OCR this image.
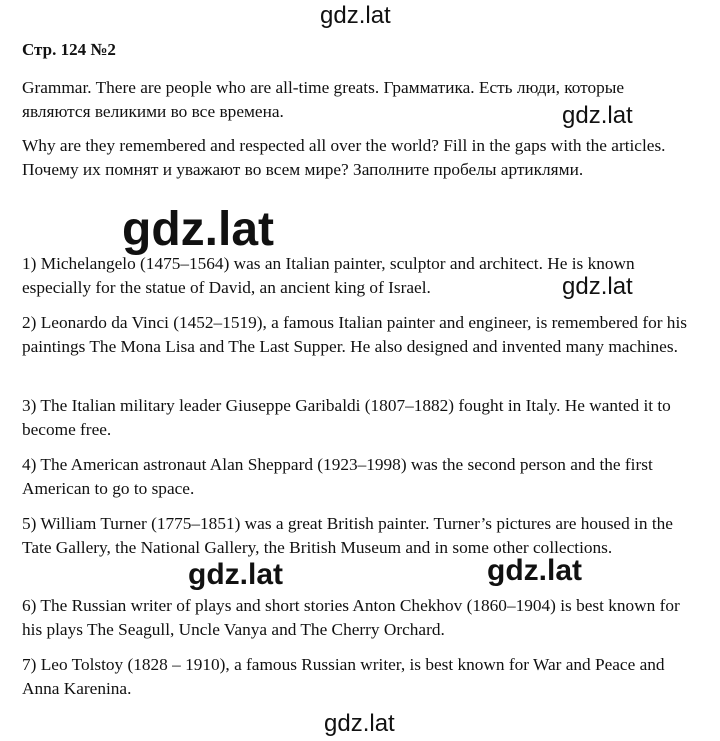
Стр. 124 №2

Grammar. There are people who are all-time greats. Грамматика. Есть люди, которые являются великими во все времена.

Why are they remembered and respected all over the world? Fill in the gaps with the articles. Почему их помнят и уважают во всем мире? Заполните пробелы артиклями.

1) Michelangelo (1475–1564) was an Italian painter, sculptor and architect. He is known especially for the statue of David, an ancient king of Israel.

2) Leonardo da Vinci (1452–1519), a famous Italian painter and engineer, is remembered for his paintings The Mona Lisa and The Last Supper. He also designed and invented many machines.

3) The Italian military leader Giuseppe Garibaldi (1807–1882) fought in Italy. He wanted it to become free.

4) The American astronaut Alan Sheppard (1923–1998) was the second person and the first American to go to space.

5) William Turner (1775–1851) was a great British painter. Turner’s pictures are housed in the Tate Gallery, the National Gallery, the British Museum and in some other collections.

6) The Russian writer of plays and short stories Anton Chekhov (1860–1904) is best known for his plays The Seagull, Uncle Vanya and The Cherry Orchard.

7) Leo Tolstoy (1828 – 1910), a famous Russian writer, is best known for War and Peace and Anna Karenina.

gdz.lat
gdz.lat
gdz.lat
gdz.lat
gdz.lat	gdz.lat
gdz.lat
